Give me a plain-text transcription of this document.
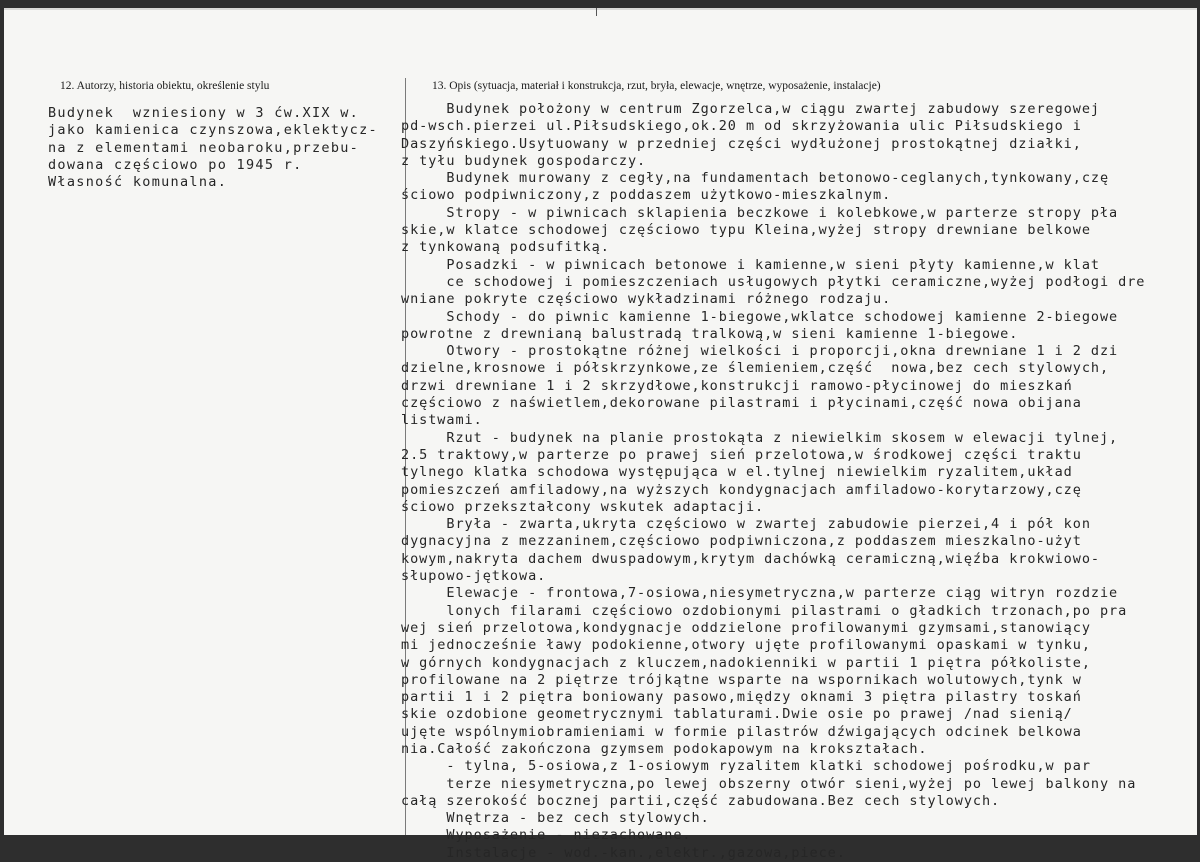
12. Autorzy, historia obiektu, określenie stylu	13. Opis (sytuacja, materiał i konstrukcja, rzut, bryła, elewacje, wnętrze, wyposażenie, instalacje)
Budynek  wzniesiony w 3 ćw.XIX w.
jako kamienica czynszowa,eklektycz-
na z elementami neobaroku,przebu-
dowana częściowo po 1945 r.
Własność komunalna.
Budynek położony w centrum Zgorzelca,w ciągu zwartej zabudowy szeregowej
pd-wsch.pierzei ul.Piłsudskiego,ok.20 m od skrzyżowania ulic Piłsudskiego i
Daszyńskiego.Usytuowany w przedniej części wydłużonej prostokątnej działki,
z tyłu budynek gospodarczy.
Budynek murowany z cegły,na fundamentach betonowo-ceglanych,tynkowany,czę
ściowo podpiwniczony,z poddaszem użytkowo-mieszkalnym.
Stropy - w piwnicach sklapienia beczkowe i kolebkowe,w parterze stropy pła
skie,w klatce schodowej częściowo typu Kleina,wyżej stropy drewniane belkowe
z tynkowaną podsufitką.
Posadzki - w piwnicach betonowe i kamienne,w sieni płyty kamienne,w klat
ce schodowej i pomieszczeniach usługowych płytki ceramiczne,wyżej podłogi dre
wniane pokryte częściowo wykładzinami różnego rodzaju.
Schody - do piwnic kamienne 1-biegowe,wklatce schodowej kamienne 2-biegowe
powrotne z drewnianą balustradą tralkową,w sieni kamienne 1-biegowe.
Otwory - prostokątne różnej wielkości i proporcji,okna drewniane 1 i 2 dzi
dzielne,krosnowe i półskrzynkowe,ze ślemieniem,część  nowa,bez cech stylowych,
drzwi drewniane 1 i 2 skrzydłowe,konstrukcji ramowo-płycinowej do mieszkań
częściowo z naświetlem,dekorowane pilastrami i płycinami,część nowa obijana
listwami.
Rzut - budynek na planie prostokąta z niewielkim skosem w elewacji tylnej,
2.5 traktowy,w parterze po prawej sień przelotowa,w środkowej części traktu
tylnego klatka schodowa występująca w el.tylnej niewielkim ryzalitem,układ
pomieszczeń amfiladowy,na wyższych kondygnacjach amfiladowo-korytarzowy,czę
ściowo przekształcony wskutek adaptacji.
Bryła - zwarta,ukryta częściowo w zwartej zabudowie pierzei,4 i pół kon
dygnacyjna z mezzaninem,częściowo podpiwniczona,z poddaszem mieszkalno-użyt
kowym,nakryta dachem dwuspadowym,krytym dachówką ceramiczną,więźba krokwiowo-
słupowo-jętkowa.
Elewacje - frontowa,7-osiowa,niesymetryczna,w parterze ciąg witryn rozdzie
lonych filarami częściowo ozdobionymi pilastrami o gładkich trzonach,po pra
wej sień przelotowa,kondygnacje oddzielone profilowanymi gzymsami,stanowiący
mi jednocześnie ławy podokienne,otwory ujęte profilowanymi opaskami w tynku,
w górnych kondygnacjach z kluczem,nadokienniki w partii 1 piętra półkoliste,
profilowane na 2 piętrze trójkątne wsparte na wspornikach wolutowych,tynk w
partii 1 i 2 piętra boniowany pasowo,między oknami 3 piętra pilastry toskań
skie ozdobione geometrycznymi tablaturami.Dwie osie po prawej /nad sienią/
ujęte wspólnymiobramieniami w formie pilastrów dźwigających odcinek belkowa
nia.Całość zakończona gzymsem podokapowym na krokształach.
- tylna, 5-osiowa,z 1-osiowym ryzalitem klatki schodowej pośrodku,w par
terze niesymetryczna,po lewej obszerny otwór sieni,wyżej po lewej balkony na
całą szerokość bocznej partii,część zabudowana.Bez cech stylowych.
Wnętrza - bez cech stylowych.
Wyposażenie - niezachowane.
Instalacje - wod.-kan.,elektr.,gazowa,piece.
